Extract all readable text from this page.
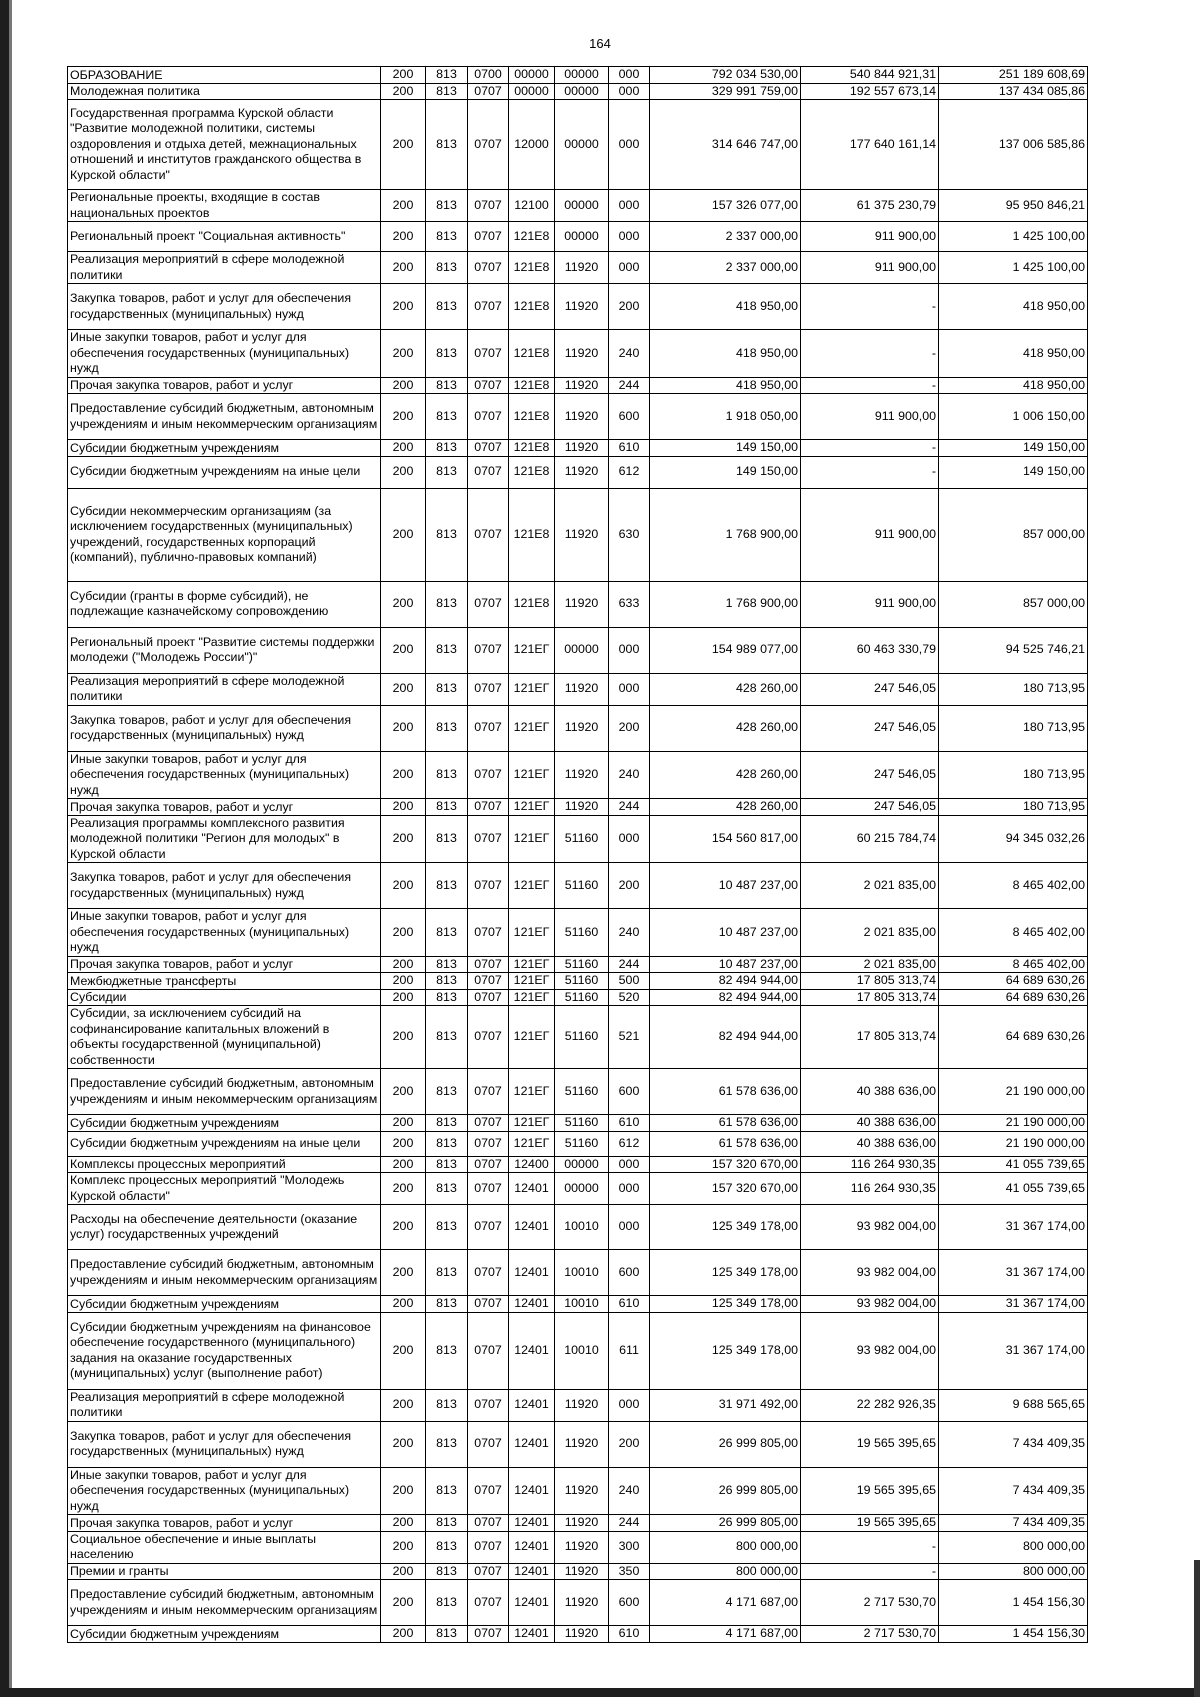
164
ОБРАЗОВАНИЕ	200	813	0700	00000	00000	000	792 034 530,00	540 844 921,31	251 189 608,69
Молодежная политика	200	813	0707	00000	00000	000	329 991 759,00	192 557 673,14	137 434 085,86
Государственная программа Курской области "Развитие молодежной политики, системы оздоровления и отдыха детей, межнациональных отношений и институтов гражданского общества в Курской области"	200	813	0707	12000	00000	000	314 646 747,00	177 640 161,14	137 006 585,86
Региональные проекты, входящие в состав национальных проектов	200	813	0707	12100	00000	000	157 326 077,00	61 375 230,79	95 950 846,21
Региональный проект "Социальная активность"	200	813	0707	121E8	00000	000	2 337 000,00	911 900,00	1 425 100,00
Реализация мероприятий в сфере молодежной политики	200	813	0707	121E8	11920	000	2 337 000,00	911 900,00	1 425 100,00
Закупка товаров, работ и услуг для обеспечения государственных (муниципальных) нужд	200	813	0707	121E8	11920	200	418 950,00	-	418 950,00
Иные закупки товаров, работ и услуг для обеспечения государственных (муниципальных) нужд	200	813	0707	121E8	11920	240	418 950,00	-	418 950,00
Прочая закупка товаров, работ и услуг	200	813	0707	121E8	11920	244	418 950,00	-	418 950,00
Предоставление субсидий бюджетным, автономным учреждениям и иным некоммерческим организациям	200	813	0707	121E8	11920	600	1 918 050,00	911 900,00	1 006 150,00
Субсидии бюджетным учреждениям	200	813	0707	121E8	11920	610	149 150,00	-	149 150,00
Субсидии бюджетным учреждениям на иные цели	200	813	0707	121E8	11920	612	149 150,00	-	149 150,00
Субсидии некоммерческим организациям (за исключением государственных (муниципальных) учреждений, государственных корпораций (компаний), публично-правовых компаний)	200	813	0707	121E8	11920	630	1 768 900,00	911 900,00	857 000,00
Субсидии (гранты в форме субсидий), не подлежащие казначейскому сопровождению	200	813	0707	121E8	11920	633	1 768 900,00	911 900,00	857 000,00
Региональный проект "Развитие системы поддержки молодежи ("Молодежь России")"	200	813	0707	121ЕГ	00000	000	154 989 077,00	60 463 330,79	94 525 746,21
Реализация мероприятий в сфере молодежной политики	200	813	0707	121ЕГ	11920	000	428 260,00	247 546,05	180 713,95
Закупка товаров, работ и услуг для обеспечения государственных (муниципальных) нужд	200	813	0707	121ЕГ	11920	200	428 260,00	247 546,05	180 713,95
Иные закупки товаров, работ и услуг для обеспечения государственных (муниципальных) нужд	200	813	0707	121ЕГ	11920	240	428 260,00	247 546,05	180 713,95
Прочая закупка товаров, работ и услуг	200	813	0707	121ЕГ	11920	244	428 260,00	247 546,05	180 713,95
Реализация программы комплексного развития молодежной политики "Регион для молодых" в Курской области	200	813	0707	121ЕГ	51160	000	154 560 817,00	60 215 784,74	94 345 032,26
Закупка товаров, работ и услуг для обеспечения государственных (муниципальных) нужд	200	813	0707	121ЕГ	51160	200	10 487 237,00	2 021 835,00	8 465 402,00
Иные закупки товаров, работ и услуг для обеспечения государственных (муниципальных) нужд	200	813	0707	121ЕГ	51160	240	10 487 237,00	2 021 835,00	8 465 402,00
Прочая закупка товаров, работ и услуг	200	813	0707	121ЕГ	51160	244	10 487 237,00	2 021 835,00	8 465 402,00
Межбюджетные трансферты	200	813	0707	121ЕГ	51160	500	82 494 944,00	17 805 313,74	64 689 630,26
Субсидии	200	813	0707	121ЕГ	51160	520	82 494 944,00	17 805 313,74	64 689 630,26
Субсидии, за исключением субсидий на софинансирование капитальных вложений в объекты государственной (муниципальной) собственности	200	813	0707	121ЕГ	51160	521	82 494 944,00	17 805 313,74	64 689 630,26
Предоставление субсидий бюджетным, автономным учреждениям и иным некоммерческим организациям	200	813	0707	121ЕГ	51160	600	61 578 636,00	40 388 636,00	21 190 000,00
Субсидии бюджетным учреждениям	200	813	0707	121ЕГ	51160	610	61 578 636,00	40 388 636,00	21 190 000,00
Субсидии бюджетным учреждениям на иные цели	200	813	0707	121ЕГ	51160	612	61 578 636,00	40 388 636,00	21 190 000,00
Комплексы процессных мероприятий	200	813	0707	12400	00000	000	157 320 670,00	116 264 930,35	41 055 739,65
Комплекс процессных мероприятий "Молодежь Курской области"	200	813	0707	12401	00000	000	157 320 670,00	116 264 930,35	41 055 739,65
Расходы на обеспечение деятельности (оказание услуг) государственных учреждений	200	813	0707	12401	10010	000	125 349 178,00	93 982 004,00	31 367 174,00
Предоставление субсидий бюджетным, автономным учреждениям и иным некоммерческим организациям	200	813	0707	12401	10010	600	125 349 178,00	93 982 004,00	31 367 174,00
Субсидии бюджетным учреждениям	200	813	0707	12401	10010	610	125 349 178,00	93 982 004,00	31 367 174,00
Субсидии бюджетным учреждениям на финансовое обеспечение государственного (муниципального) задания на оказание государственных (муниципальных) услуг (выполнение работ)	200	813	0707	12401	10010	611	125 349 178,00	93 982 004,00	31 367 174,00
Реализация мероприятий в сфере молодежной политики	200	813	0707	12401	11920	000	31 971 492,00	22 282 926,35	9 688 565,65
Закупка товаров, работ и услуг для обеспечения государственных (муниципальных) нужд	200	813	0707	12401	11920	200	26 999 805,00	19 565 395,65	7 434 409,35
Иные закупки товаров, работ и услуг для обеспечения государственных (муниципальных) нужд	200	813	0707	12401	11920	240	26 999 805,00	19 565 395,65	7 434 409,35
Прочая закупка товаров, работ и услуг	200	813	0707	12401	11920	244	26 999 805,00	19 565 395,65	7 434 409,35
Социальное обеспечение и иные выплаты населению	200	813	0707	12401	11920	300	800 000,00	-	800 000,00
Премии и гранты	200	813	0707	12401	11920	350	800 000,00	-	800 000,00
Предоставление субсидий бюджетным, автономным учреждениям и иным некоммерческим организациям	200	813	0707	12401	11920	600	4 171 687,00	2 717 530,70	1 454 156,30
Субсидии бюджетным учреждениям	200	813	0707	12401	11920	610	4 171 687,00	2 717 530,70	1 454 156,30
